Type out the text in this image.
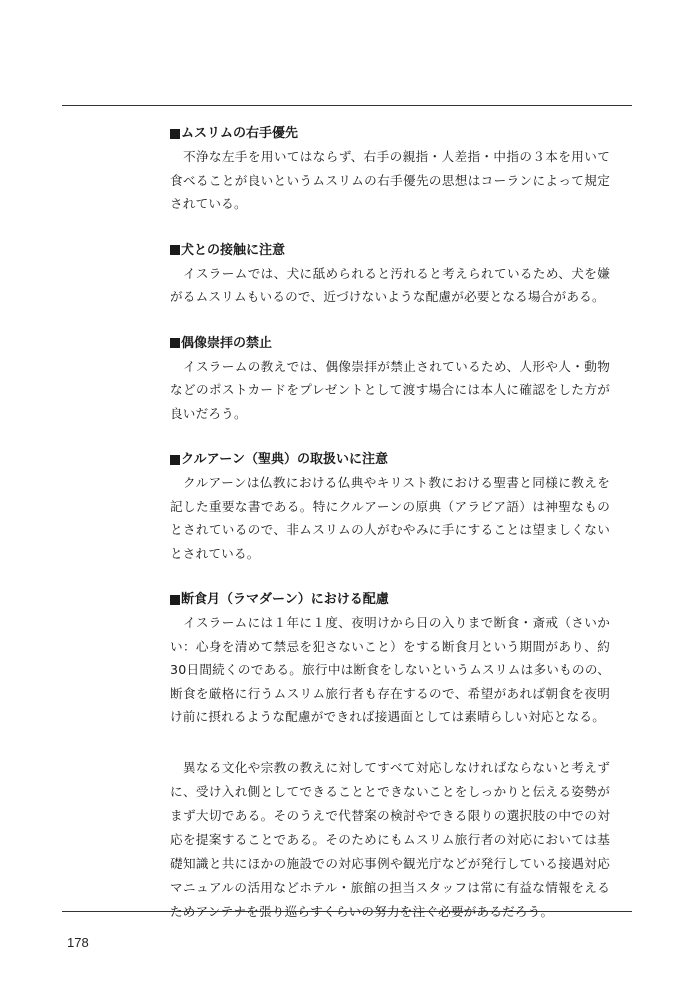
ムスリムの右手優先

不浄な左手を用いてはならず、右手の親指・人差指・中指の３本を用いて食べることが良いというムスリムの右手優先の思想はコーランによって規定されている。

犬との接触に注意

イスラームでは、犬に舐められると汚れると考えられているため、犬を嫌がるムスリムもいるので、近づけないような配慮が必要となる場合がある。

偶像崇拝の禁止

イスラームの教えでは、偶像崇拝が禁止されているため、人形や人・動物などのポストカードをプレゼントとして渡す場合には本人に確認をした方が良いだろう。

クルアーン（聖典）の取扱いに注意

クルアーンは仏教における仏典やキリスト教における聖書と同様に教えを記した重要な書である。特にクルアーンの原典（アラビア語）は神聖なものとされているので、非ムスリムの人がむやみに手にすることは望ましくないとされている。

断食月（ラマダーン）における配慮

イスラームには１年に１度、夜明けから日の入りまで断食・斎戒（さいかい：心身を清めて禁忌を犯さないこと）をする断食月という期間があり、約30日間続くのである。旅行中は断食をしないというムスリムは多いものの、断食を厳格に行うムスリム旅行者も存在するので、希望があれば朝食を夜明け前に摂れるような配慮ができれば接遇面としては素晴らしい対応となる。

異なる文化や宗教の教えに対してすべて対応しなければならないと考えずに、受け入れ側としてできることとできないことをしっかりと伝える姿勢がまず大切である。そのうえで代替案の検討やできる限りの選択肢の中での対応を提案することである。そのためにもムスリム旅行者の対応においては基礎知識と共にほかの施設での対応事例や観光庁などが発行している接遇対応マニュアルの活用などホテル・旅館の担当スタッフは常に有益な情報をえるためアンテナを張り巡らすくらいの努力を注ぐ必要があるだろう。

178
